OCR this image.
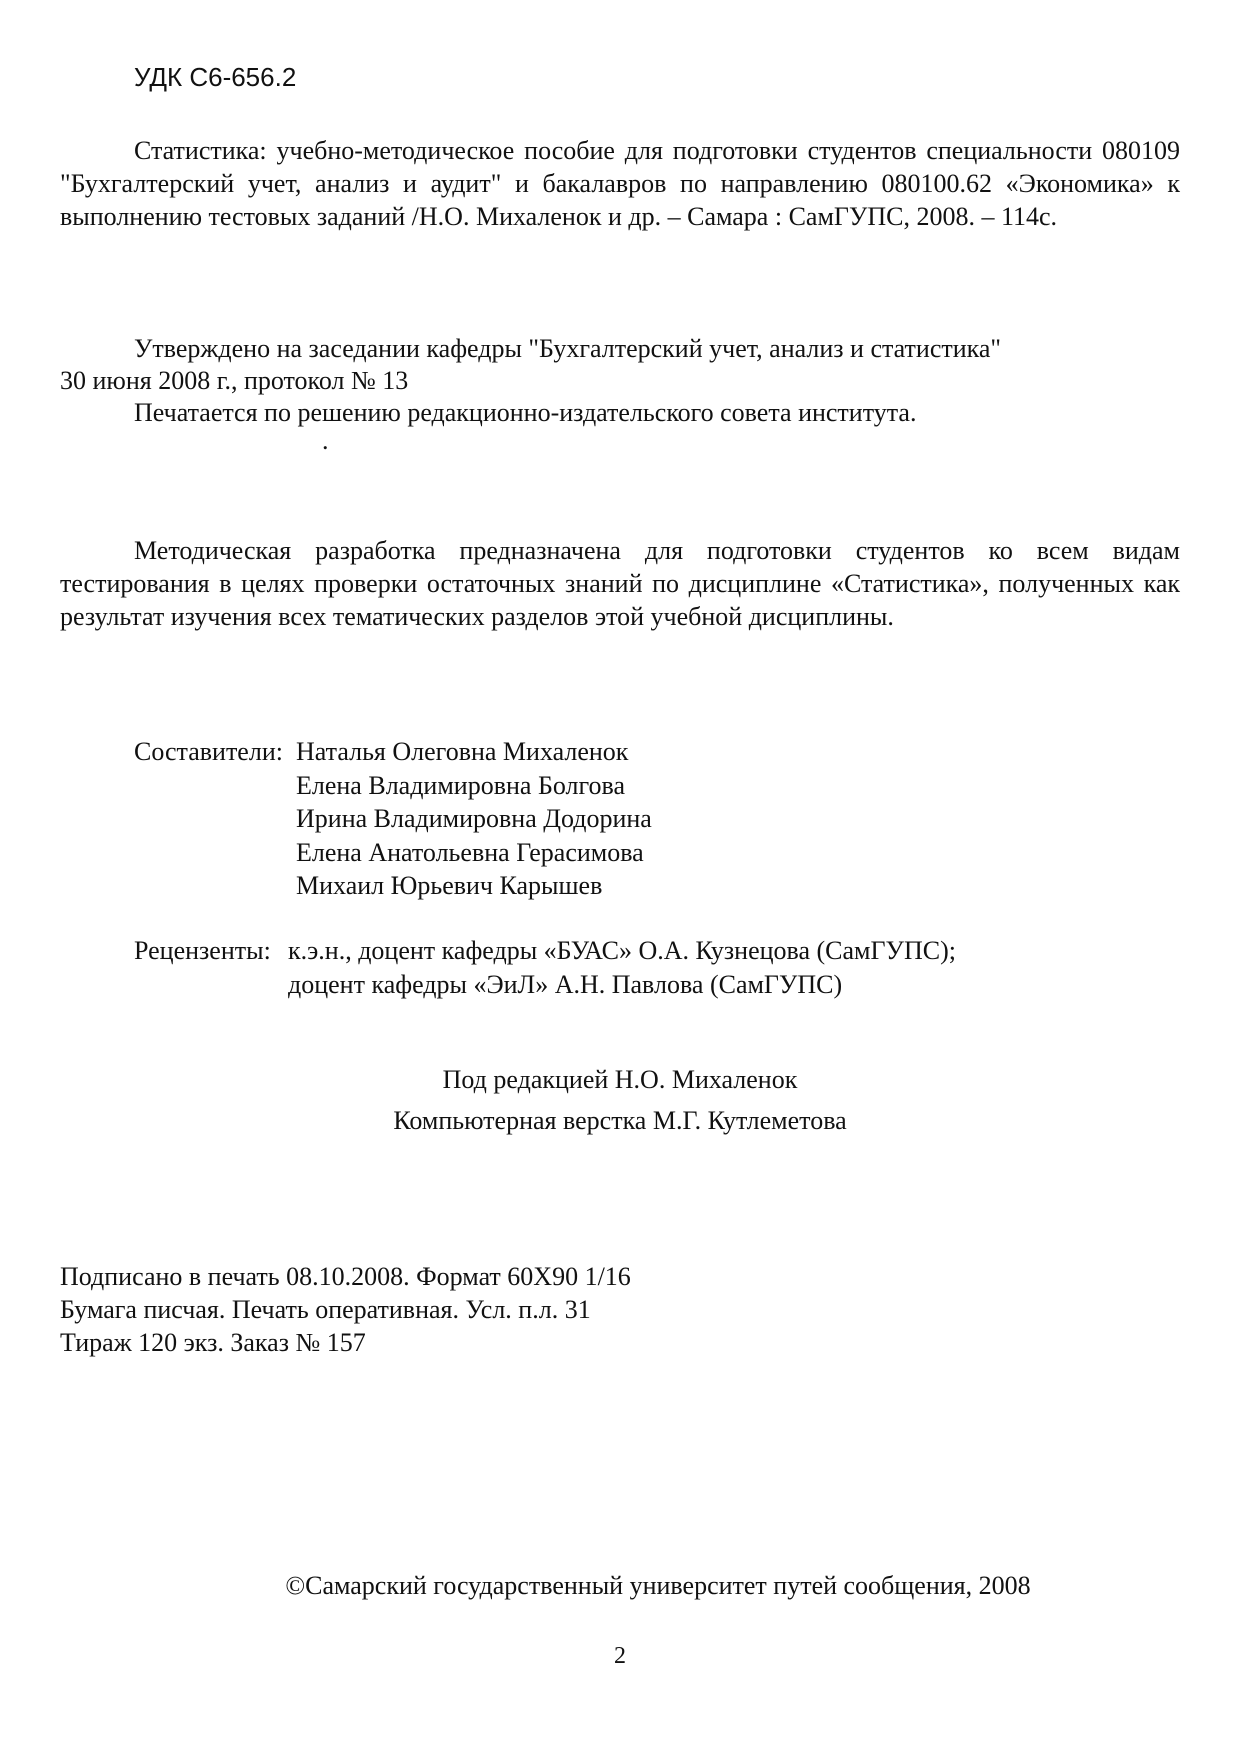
УДК С6-656.2

Статистика: учебно-методическое пособие для подготовки студентов специальности 080109 "Бухгалтерский учет, анализ и аудит" и бакалавров по направлению 080100.62 «Экономика» к выполнению тестовых заданий /Н.О. Михаленок и др. – Самара : СамГУПС, 2008. – 114с.

Утверждено на заседании кафедры "Бухгалтерский учет, анализ и статистика"
30 июня 2008 г., протокол № 13
Печатается по решению редакционно-издательского совета института.
.

Методическая разработка предназначена для подготовки студентов ко всем видам тестирования в целях проверки остаточных знаний по дисциплине «Статистика», полученных как результат изучения всех тематических разделов этой учебной дисциплины.

Составители: Наталья Олеговна Михаленок
Елена Владимировна Болгова
Ирина Владимировна Додорина
Елена Анатольевна Герасимова
Михаил Юрьевич Карышев
Рецензенты: к.э.н., доцент кафедры «БУАС» О.А. Кузнецова (СамГУПС);
доцент кафедры «ЭиЛ» А.Н. Павлова (СамГУПС)
Под редакцией Н.О. Михаленок
Компьютерная верстка М.Г. Кутлеметова
Подписано в печать 08.10.2008. Формат 60Х90 1/16
Бумага писчая. Печать оперативная. Усл. п.л. 31
Тираж 120 экз. Заказ № 157
©Самарский государственный университет путей сообщения, 2008
2
